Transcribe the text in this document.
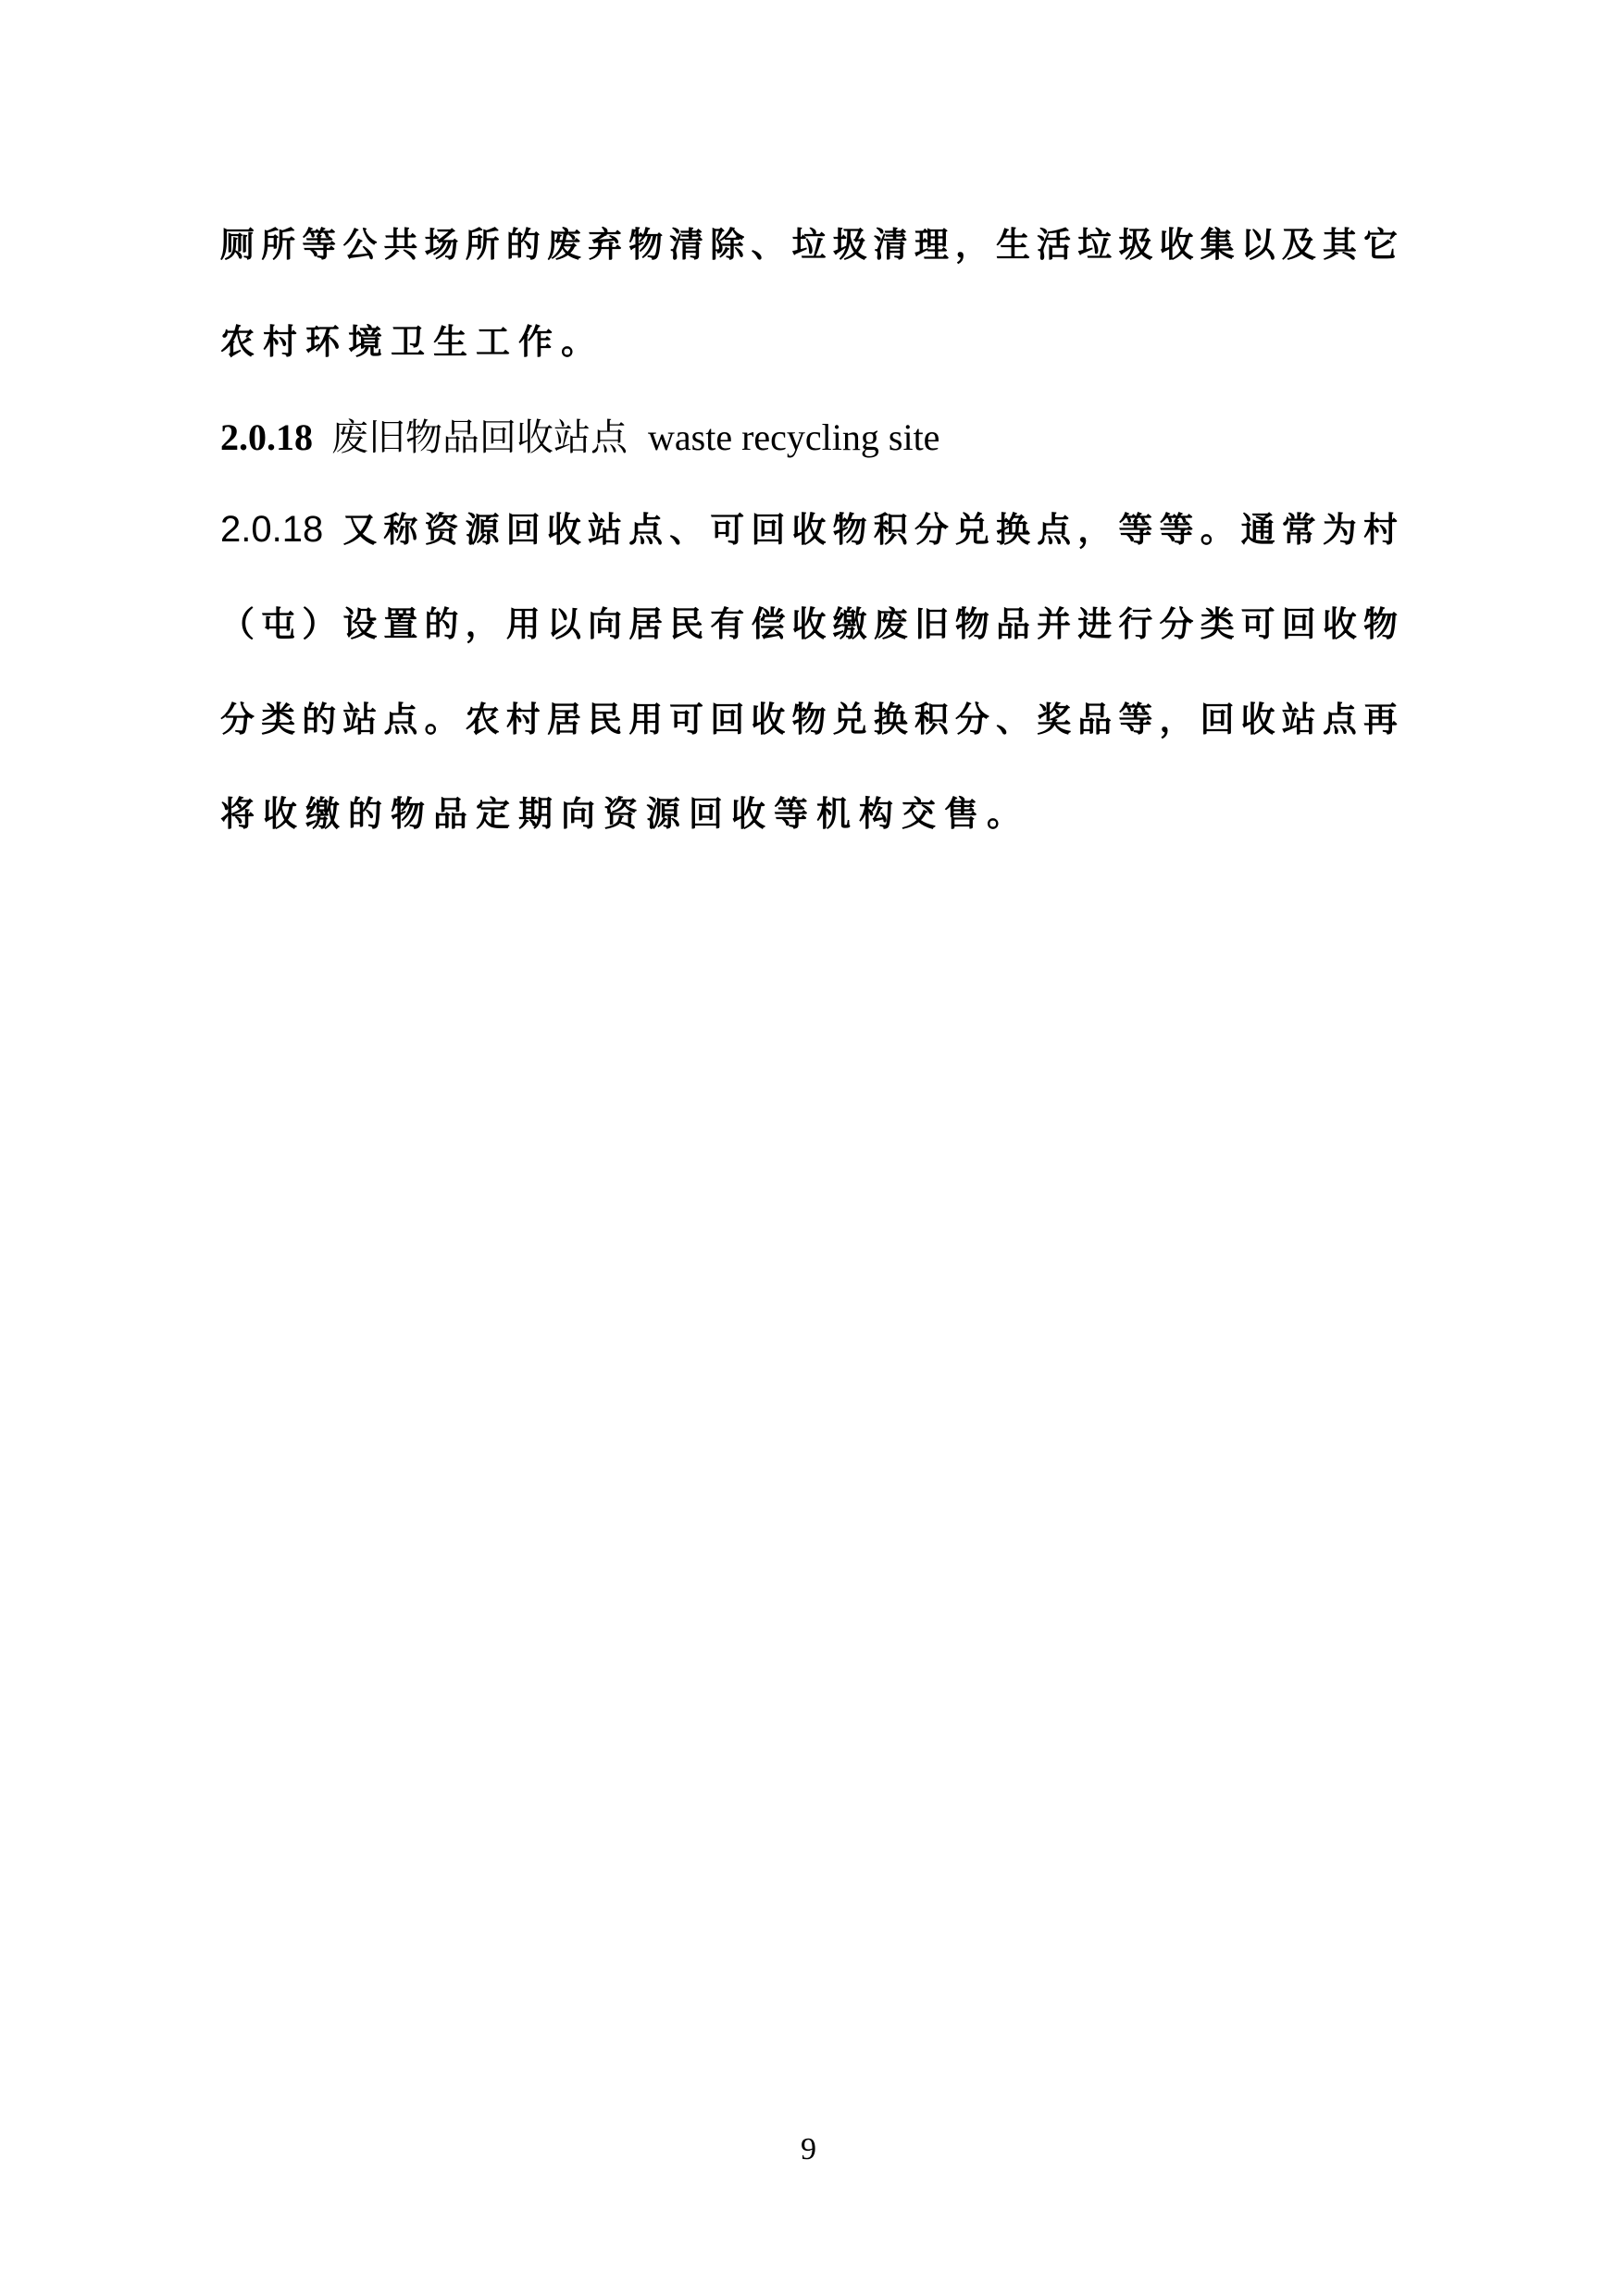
厕所等公共场所的废弃物清除、垃圾清理，生活垃圾收集以及其它
农村环境卫生工作。
2.0.18 废旧物品回收站点 waste recycling site
2.0.18 又称资源回收站点、可回收物积分兑换点，等等。通常为村
（屯）设置的，用以向居民有偿收缴废旧物品并进行分类可回收物
分类的站点。农村居民用可回收物兑换积分、奖品等，回收站点再
将收缴的物品定期向资源回收等机构交售。
9
